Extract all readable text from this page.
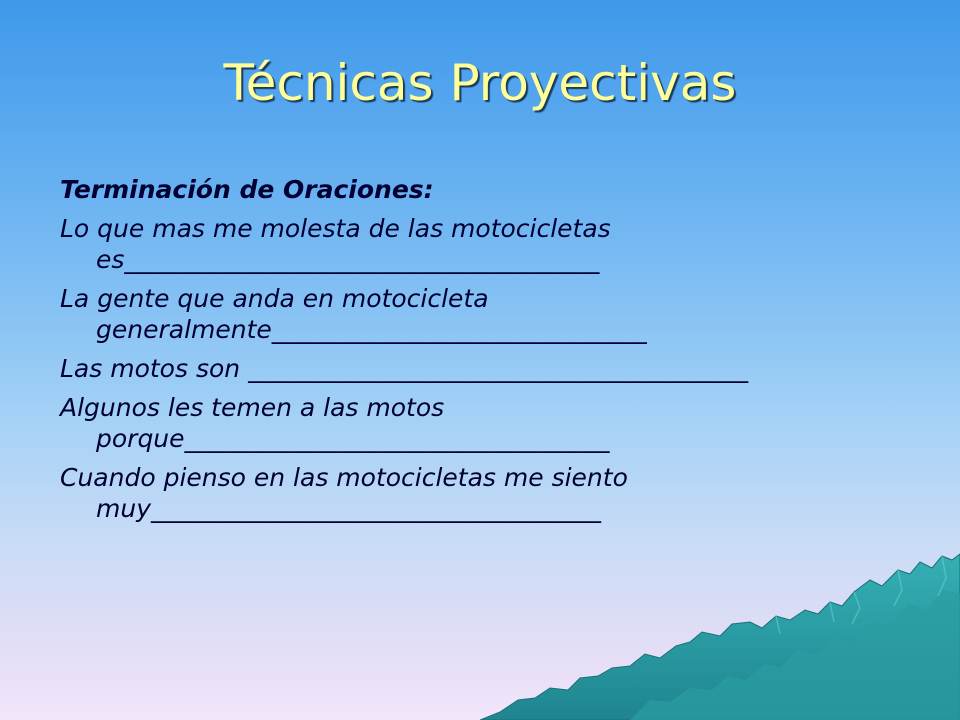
Técnicas Proyectivas
Terminación de Oraciones:
Lo que mas me molesta de las motocicletas es______________________________________
La gente que anda en motocicleta generalmente______________________________
Las motos son ________________________________________
Algunos les temen a las motos porque__________________________________
Cuando pienso en las motocicletas me siento muy____________________________________
